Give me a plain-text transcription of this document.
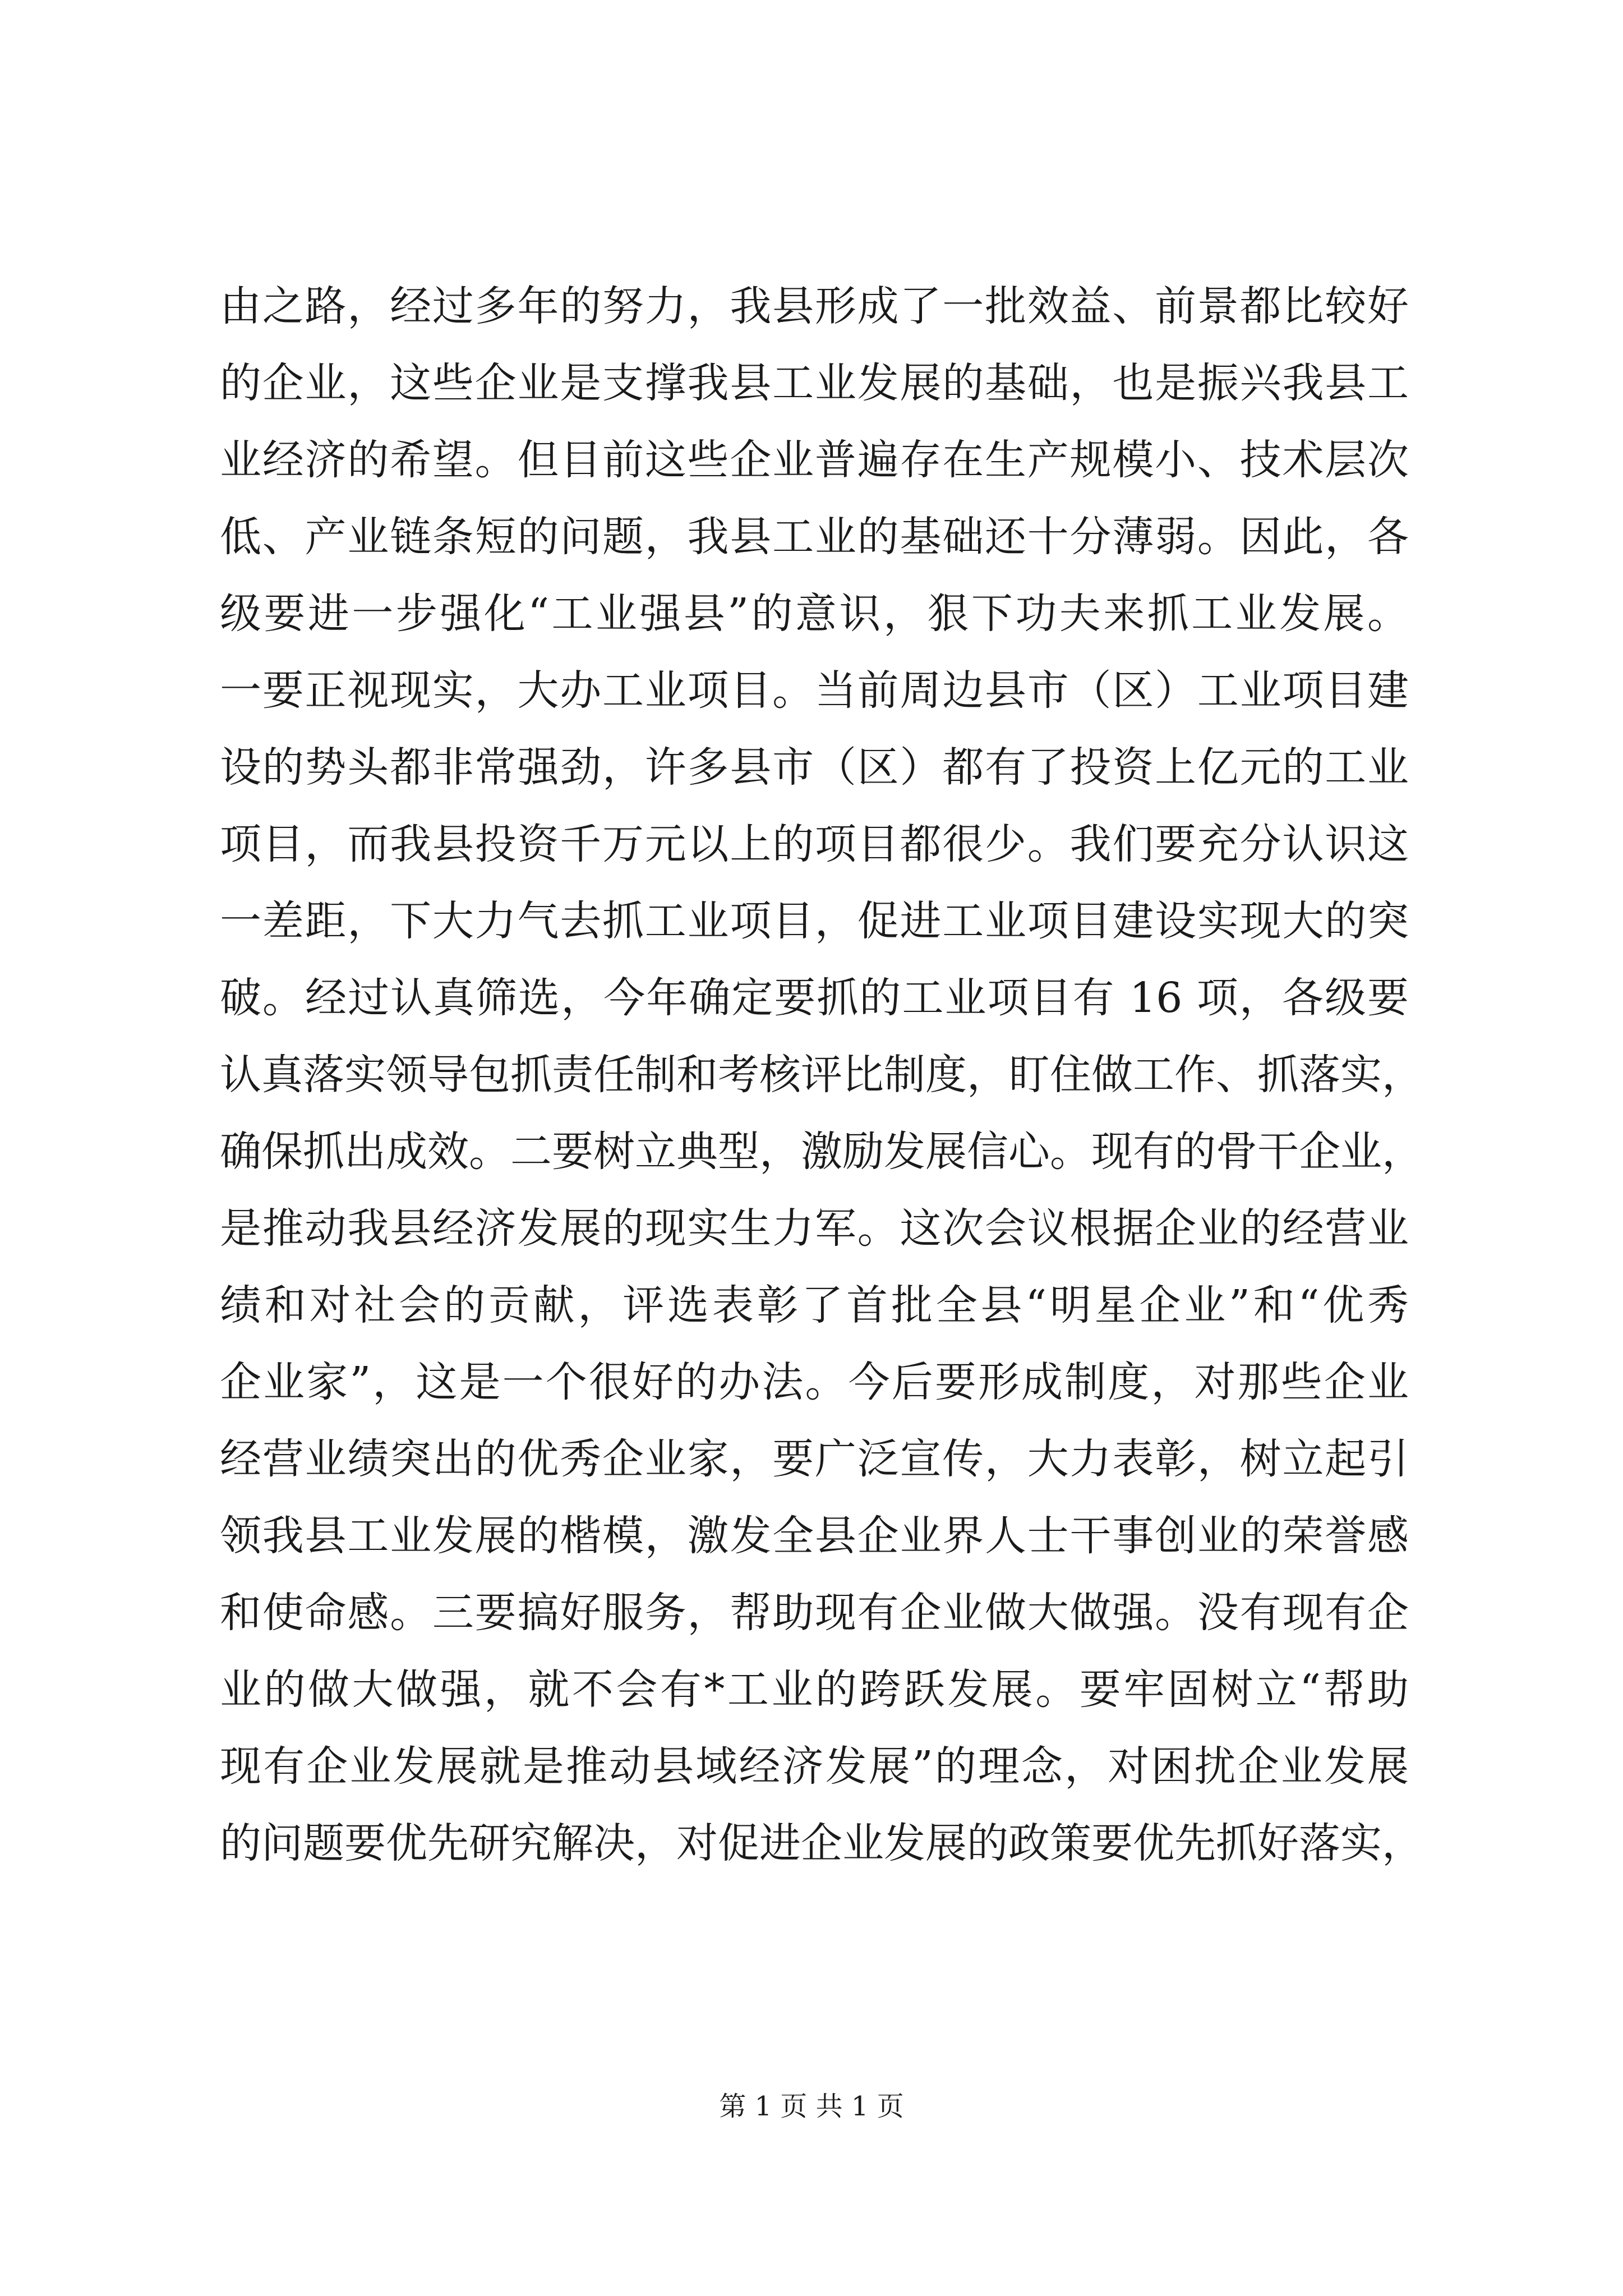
由之路，经过多年的努力，我县形成了一批效益、前景都比较好
的企业，这些企业是支撑我县工业发展的基础，也是振兴我县工
业经济的希望。但目前这些企业普遍存在生产规模小、技术层次
低、产业链条短的问题，我县工业的基础还十分薄弱。因此，各
级要进一步强化“工业强县”的意识，狠下功夫来抓工业发展。
一要正视现实，大办工业项目。当前周边县市（区）工业项目建
设的势头都非常强劲，许多县市（区）都有了投资上亿元的工业
项目，而我县投资千万元以上的项目都很少。我们要充分认识这
一差距，下大力气去抓工业项目，促进工业项目建设实现大的突
破。经过认真筛选，今年确定要抓的工业项目有 16 项，各级要
认真落实领导包抓责任制和考核评比制度，盯住做工作、抓落实，
确保抓出成效。二要树立典型，激励发展信心。现有的骨干企业，
是推动我县经济发展的现实生力军。这次会议根据企业的经营业
绩和对社会的贡献，评选表彰了首批全县“明星企业”和“优秀
企业家”，这是一个很好的办法。今后要形成制度，对那些企业
经营业绩突出的优秀企业家，要广泛宣传，大力表彰，树立起引
领我县工业发展的楷模，激发全县企业界人士干事创业的荣誉感
和使命感。三要搞好服务，帮助现有企业做大做强。没有现有企
业的做大做强，就不会有*工业的跨跃发展。要牢固树立“帮助
现有企业发展就是推动县域经济发展”的理念，对困扰企业发展
的问题要优先研究解决，对促进企业发展的政策要优先抓好落实，
第 1 页 共 1 页
